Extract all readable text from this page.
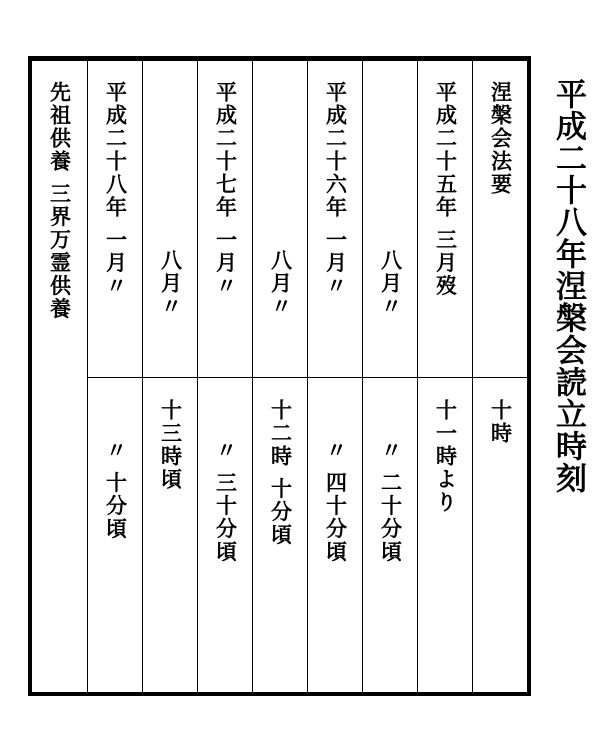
平成二十八年涅槃会読立時刻
涅槃会法要
十時
平成二十五年 三月歿
十一時より
八月〃
〃 二十分頃
平成二十六年 一月〃
〃 四十分頃
八月〃
十二時 十分頃
平成二十七年 一月〃
〃 三十分頃
八月〃
十三時頃
平成二十八年 一月〃
〃 十分頃
先祖供養 三界万霊供養
